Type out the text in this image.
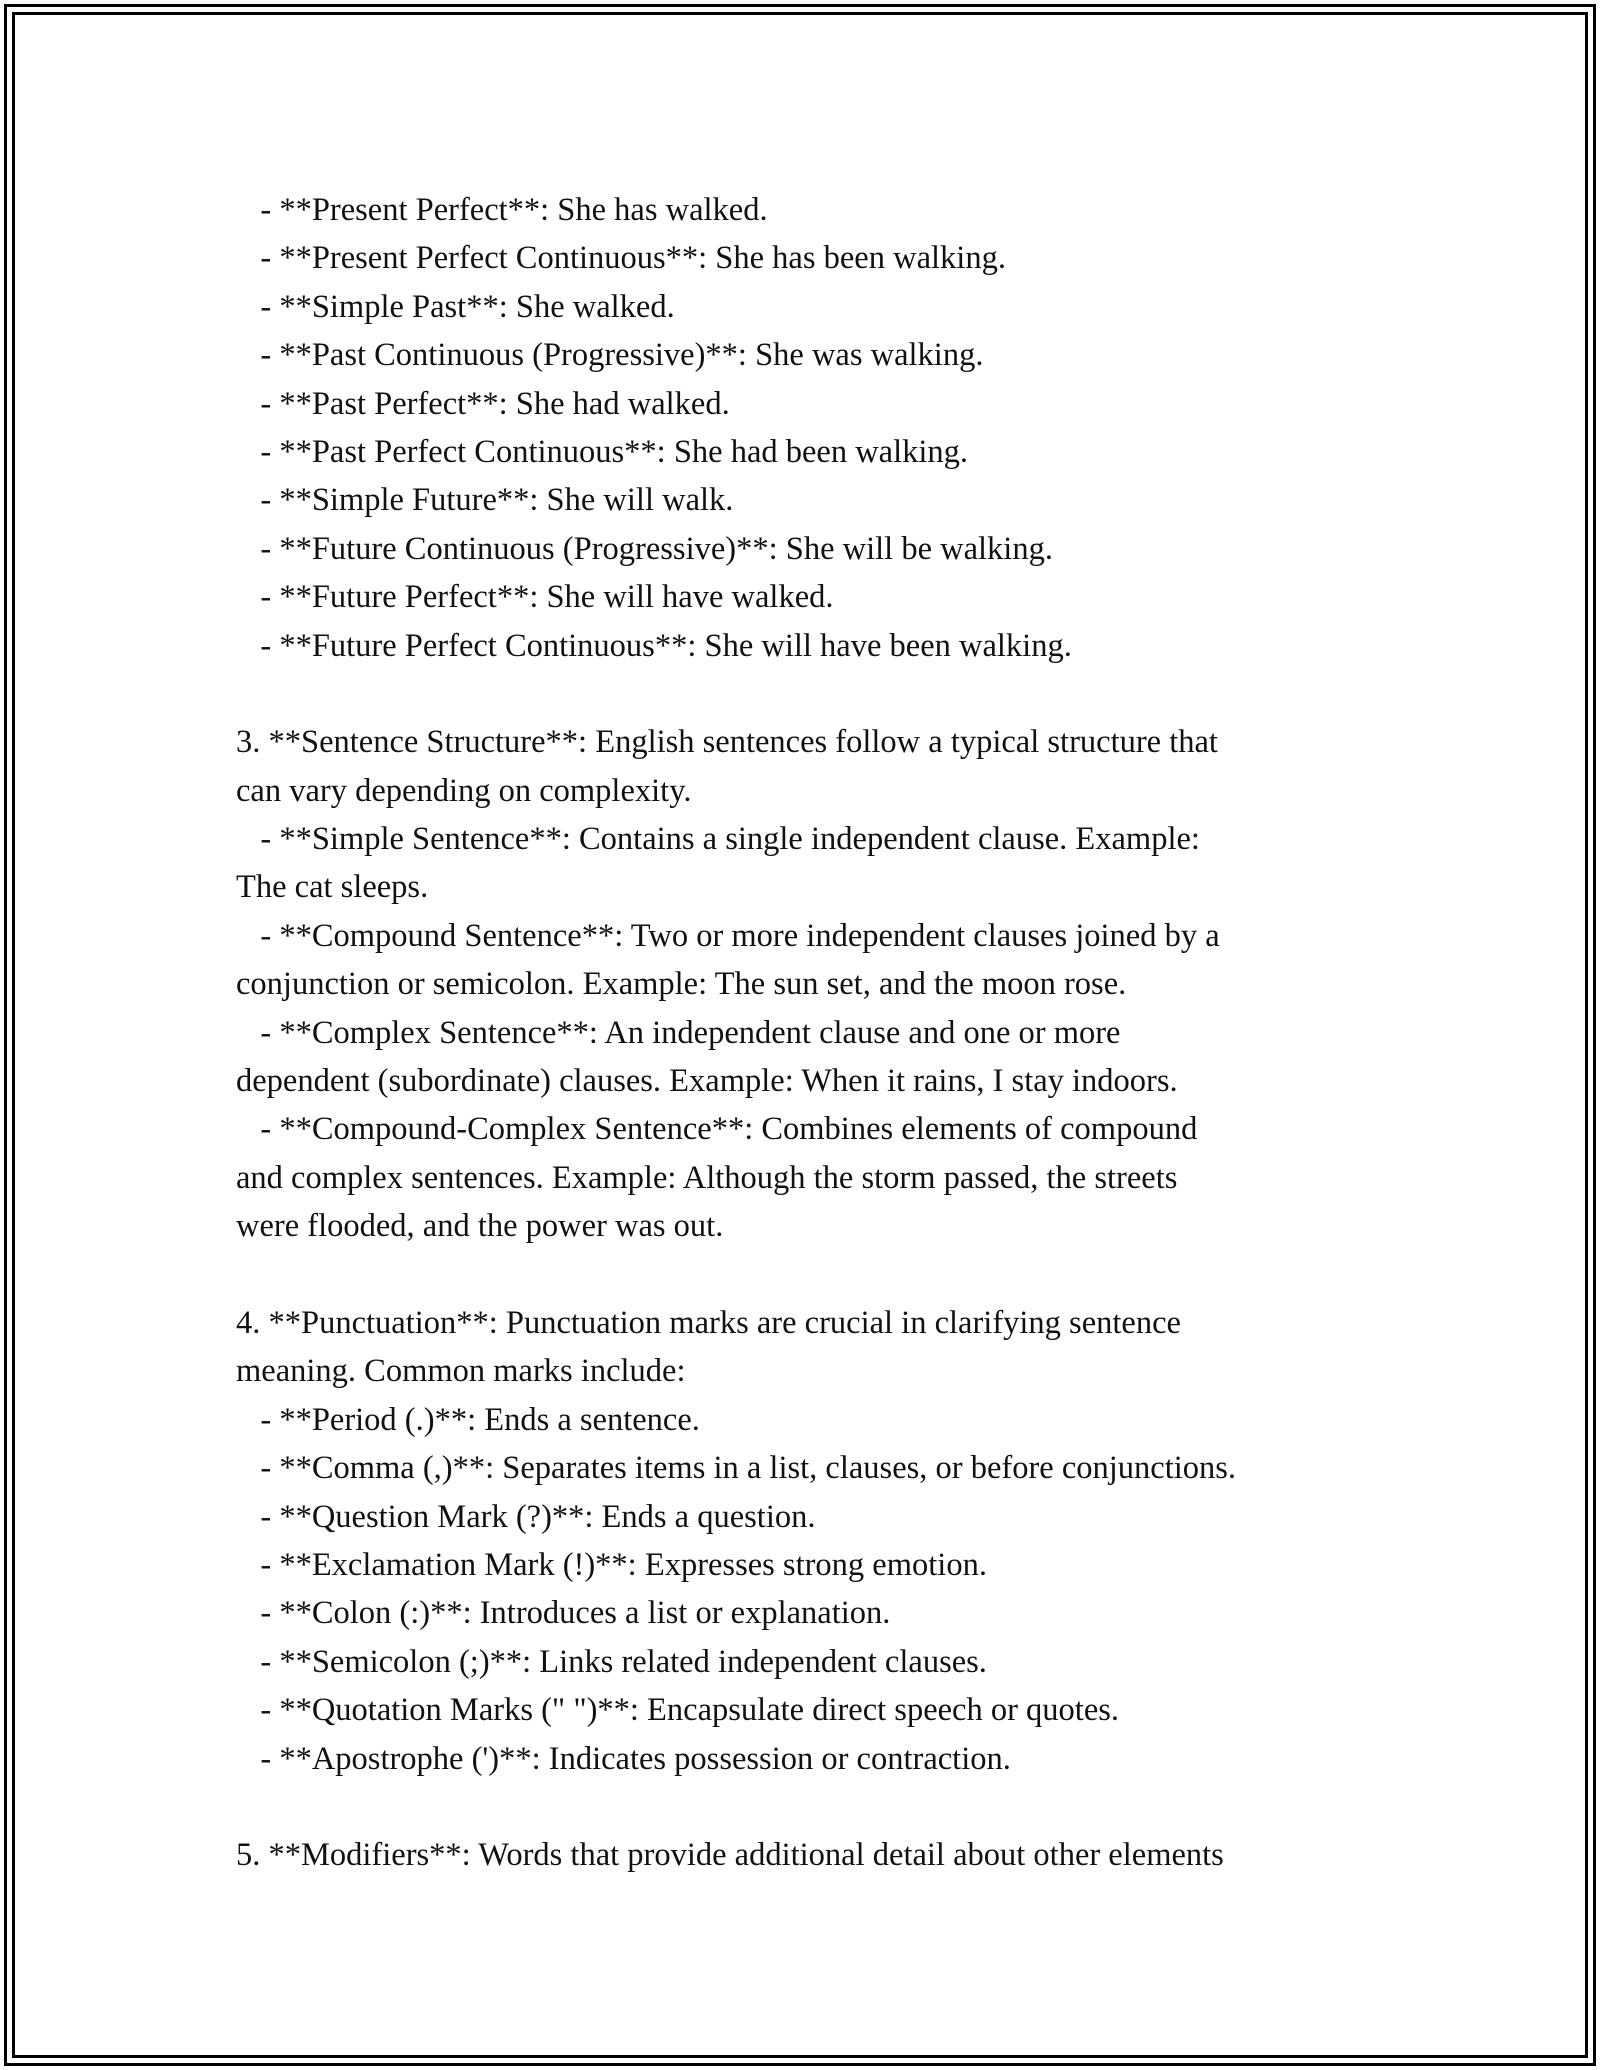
- **Present Perfect**: She has walked.
- **Present Perfect Continuous**: She has been walking.
- **Simple Past**: She walked.
- **Past Continuous (Progressive)**: She was walking.
- **Past Perfect**: She had walked.
- **Past Perfect Continuous**: She had been walking.
- **Simple Future**: She will walk.
- **Future Continuous (Progressive)**: She will be walking.
- **Future Perfect**: She will have walked.
- **Future Perfect Continuous**: She will have been walking.
3. **Sentence Structure**: English sentences follow a typical structure that
can vary depending on complexity.
- **Simple Sentence**: Contains a single independent clause. Example:
The cat sleeps.
- **Compound Sentence**: Two or more independent clauses joined by a
conjunction or semicolon. Example: The sun set, and the moon rose.
- **Complex Sentence**: An independent clause and one or more
dependent (subordinate) clauses. Example: When it rains, I stay indoors.
- **Compound-Complex Sentence**: Combines elements of compound
and complex sentences. Example: Although the storm passed, the streets
were flooded, and the power was out.
4. **Punctuation**: Punctuation marks are crucial in clarifying sentence
meaning. Common marks include:
- **Period (.)**: Ends a sentence.
- **Comma (,)**: Separates items in a list, clauses, or before conjunctions.
- **Question Mark (?)**: Ends a question.
- **Exclamation Mark (!)**: Expresses strong emotion.
- **Colon (:)**: Introduces a list or explanation.
- **Semicolon (;)**: Links related independent clauses.
- **Quotation Marks (" ")**: Encapsulate direct speech or quotes.
- **Apostrophe (')**: Indicates possession or contraction.
5. **Modifiers**: Words that provide additional detail about other elements
